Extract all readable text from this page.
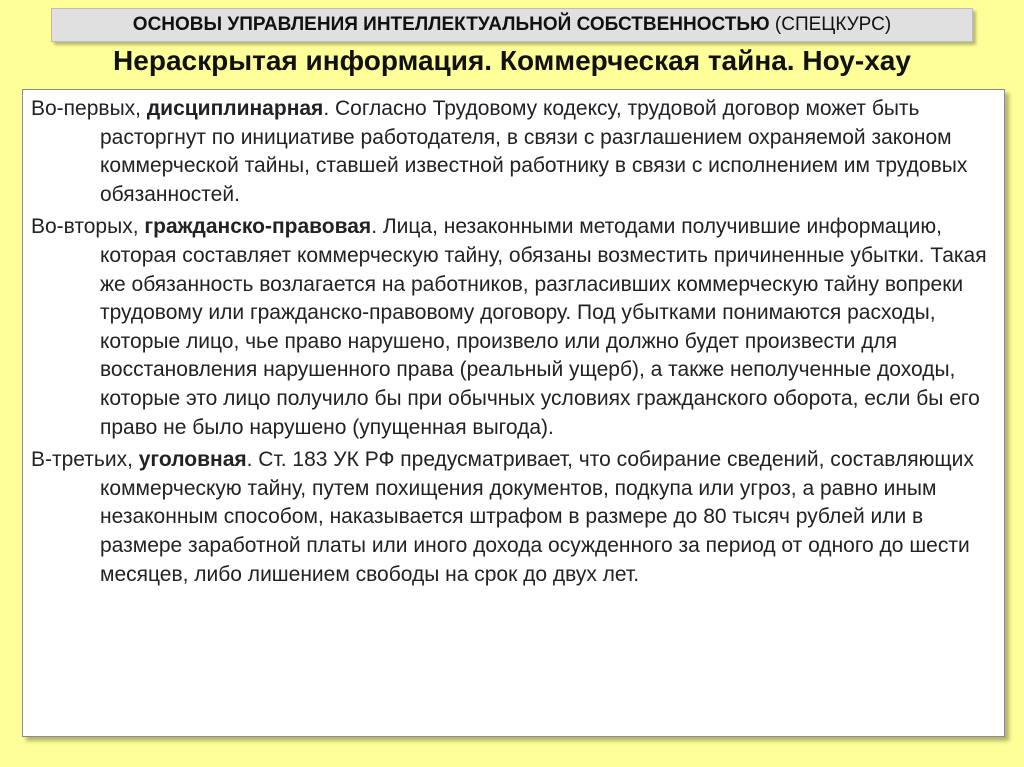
ОСНОВЫ УПРАВЛЕНИЯ ИНТЕЛЛЕКТУАЛЬНОЙ СОБСТВЕННОСТЬЮ
(СПЕЦКУРС)
Нераскрытая информация. Коммерческая тайна. Ноу-хау

Во-первых, дисциплинарная. Согласно Трудовому кодексу, трудовой договор может быть расторгнут по инициативе работодателя, в связи с разглашением охраняемой законом коммерческой тайны, ставшей известной работнику в связи с исполнением им трудовых обязанностей.

Во-вторых, гражданско-правовая. Лица, незаконными методами получившие информацию, которая составляет коммерческую тайну, обязаны возместить причиненные убытки. Такая же обязанность возлагается на работников, разгласивших коммерческую тайну вопреки трудовому или гражданско-правовому договору. Под убытками понимаются расходы, которые лицо, чье право нарушено, произвело или должно будет произвести для восстановления нарушенного права (реальный ущерб), а также неполученные доходы, которые это лицо получило бы при обычных условиях гражданского оборота, если бы его право не было нарушено (упущенная выгода).

В-третьих, уголовная. Ст. 183 УК РФ предусматривает, что собирание сведений, составляющих коммерческую тайну, путем похищения документов, подкупа или угроз, а равно иным незаконным способом, наказывается штрафом в размере до 80 тысяч рублей или в размере заработной платы или иного дохода осужденного за период от одного до шести месяцев, либо лишением свободы на срок до двух лет.
